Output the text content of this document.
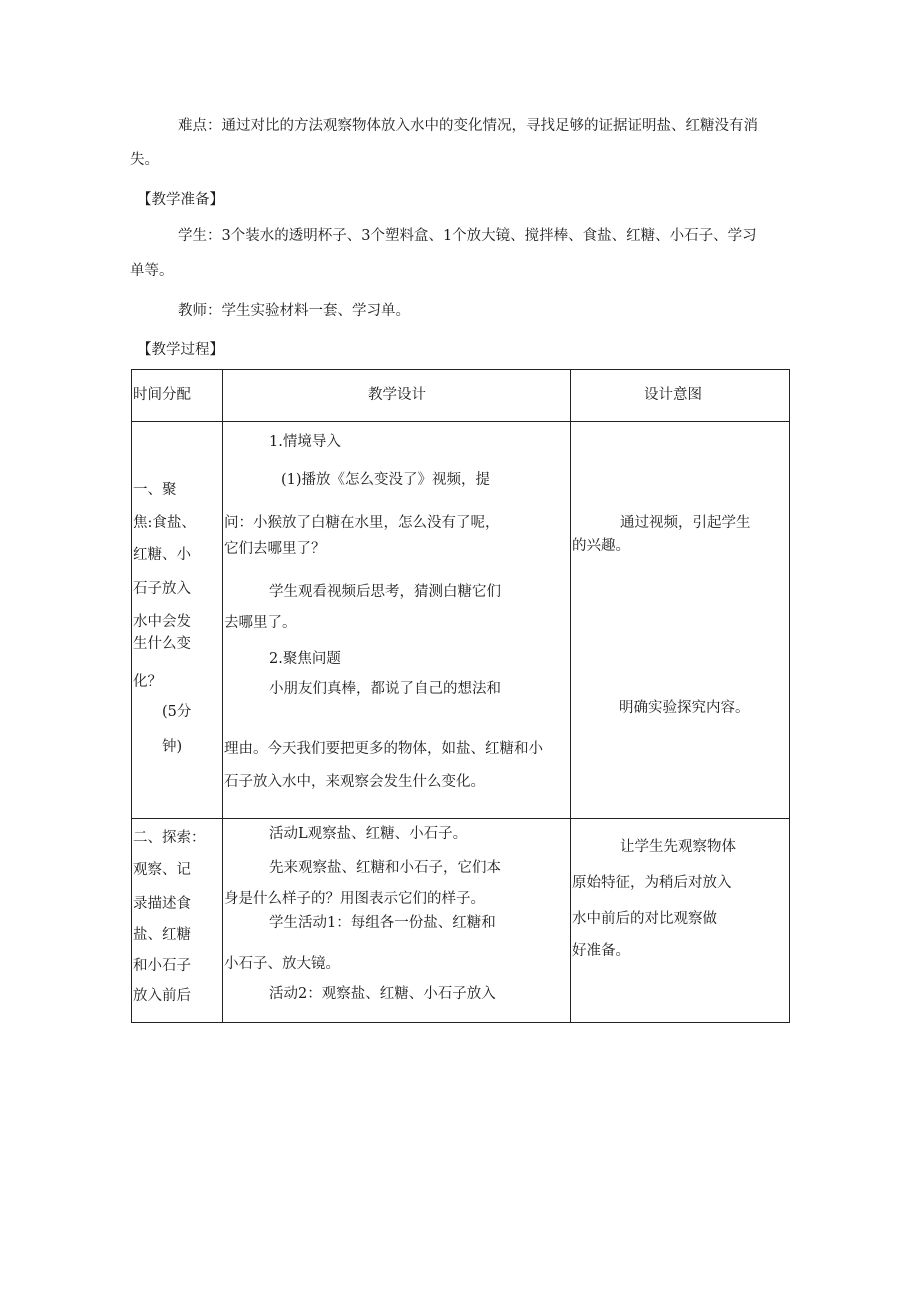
难点：通过对比的方法观察物体放入水中的变化情况，寻找足够的证据证明盐、红糖没有消
失。
【教学准备】
学生：3个装水的透明杯子、3个塑料盒、1个放大镜、搅拌棒、食盐、红糖、小石子、学习
单等。
教师：学生实验材料一套、学习单。
【教学过程】
时间分配	教学设计	设计意图
一、聚
焦:食盐、
红糖、小
石子放入
水中会发
生什么变
化？
(5分
钟)
1.情境导入
(1)播放《怎么变没了》视频，提
问：小猴放了白糖在水里，怎么没有了呢，
它们去哪里了？
学生观看视频后思考，猜测白糖它们
去哪里了。
2.聚焦问题
小朋友们真棒，都说了自己的想法和
理由。今天我们要把更多的物体，如盐、红糖和小
石子放入水中，来观察会发生什么变化。
通过视频，引起学生
的兴趣。
明确实验探究内容。
二、探索：
观察、记
录描述食
盐、红糖
和小石子
放入前后
活动L观察盐、红糖、小石子。
先来观察盐、红糖和小石子，它们本
身是什么样子的？用图表示它们的样子。
学生活动1：每组各一份盐、红糖和
小石子、放大镜。
活动2：观察盐、红糖、小石子放入
让学生先观察物体
原始特征，为稍后对放入
水中前后的对比观察做
好准备。
